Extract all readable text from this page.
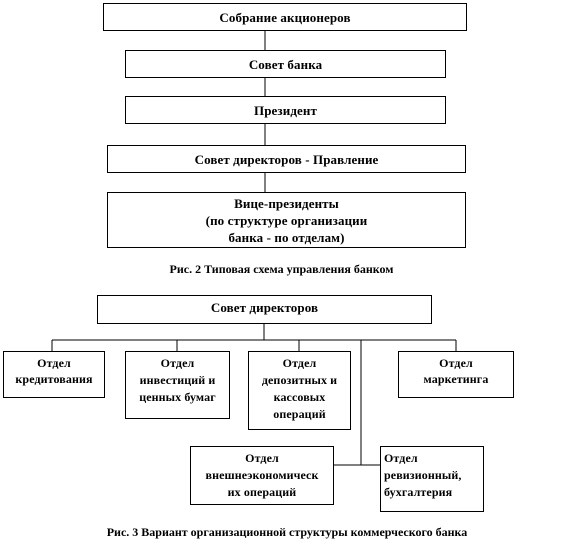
Собрание акционеров
Совет банка
Президент
Совет директоров - Правление
Вице-президенты
(по структуре организации
банка - по отделам)
Рис. 2 Типовая схема управления банком
Совет директоров
Отдел
кредитования
Отдел
инвестиций и
ценных бумаг
Отдел
депозитных и
кассовых
операций
Отдел
маркетинга
Отдел
внешнеэкономическ
их операций
Отдел
ревизионный,
бухгалтерия
Рис. 3 Вариант организационной структуры коммерческого банка
